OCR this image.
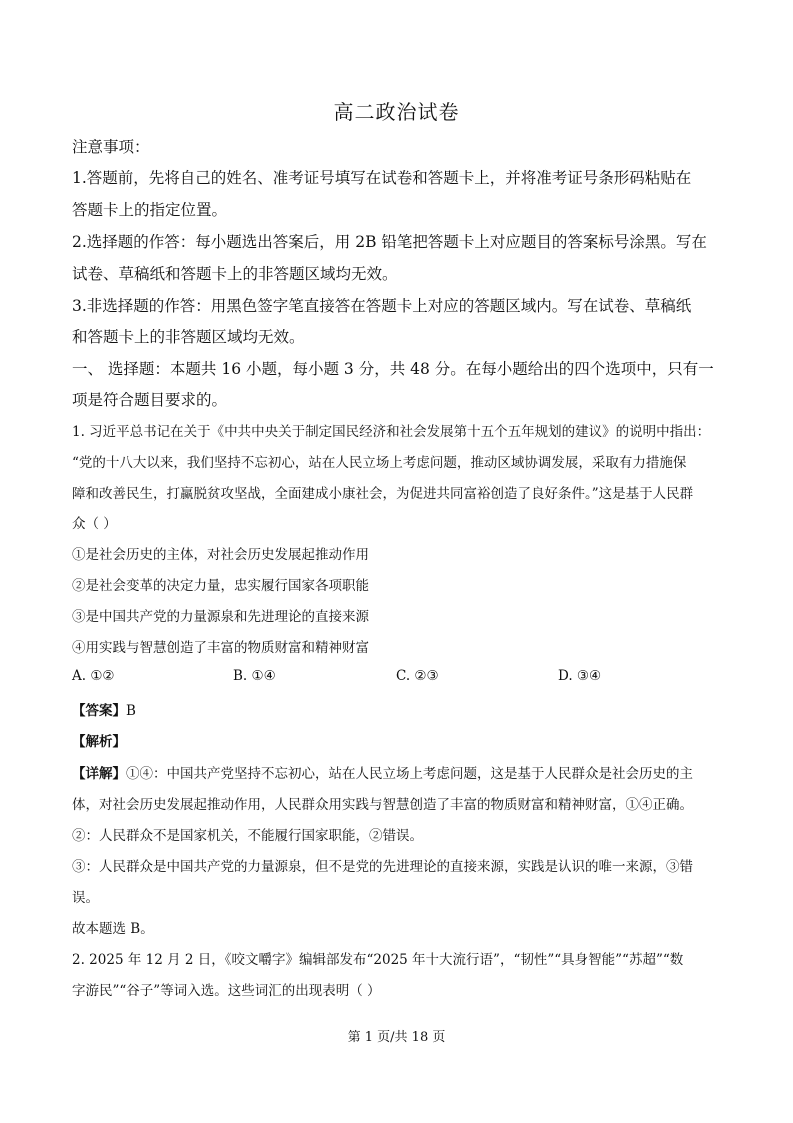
高二政治试卷
注意事项：
1.答题前，先将自己的姓名、准考证号填写在试卷和答题卡上，并将准考证号条形码粘贴在
答题卡上的指定位置。
2.选择题的作答：每小题选出答案后，用 2B 铅笔把答题卡上对应题目的答案标号涂黑。写在
试卷、草稿纸和答题卡上的非答题区域均无效。
3.非选择题的作答：用黑色签字笔直接答在答题卡上对应的答题区域内。写在试卷、草稿纸
和答题卡上的非答题区域均无效。
一、 选择题：本题共 16 小题，每小题 3 分，共 48 分。在每小题给出的四个选项中，只有一
项是符合题目要求的。
1. 习近平总书记在关于《中共中央关于制定国民经济和社会发展第十五个五年规划的建议》的说明中指出：
“党的十八大以来，我们坚持不忘初心，站在人民立场上考虑问题，推动区域协调发展，采取有力措施保
障和改善民生，打赢脱贫攻坚战，全面建成小康社会，为促进共同富裕创造了良好条件。”这是基于人民群
众（ ）
①是社会历史的主体，对社会历史发展起推动作用
②是社会变革的决定力量，忠实履行国家各项职能
③是中国共产党的力量源泉和先进理论的直接来源
④用实践与智慧创造了丰富的物质财富和精神财富
A. ①②	B. ①④	C. ②③	D. ③④
【答案】B
【解析】
【详解】①④：中国共产党坚持不忘初心，站在人民立场上考虑问题，这是基于人民群众是社会历史的主
体，对社会历史发展起推动作用，人民群众用实践与智慧创造了丰富的物质财富和精神财富，①④正确。
②：人民群众不是国家机关，不能履行国家职能，②错误。
③：人民群众是中国共产党的力量源泉，但不是党的先进理论的直接来源，实践是认识的唯一来源，③错
误。
故本题选 B。
2. 2025 年 12 月 2 日，《咬文嚼字》编辑部发布“2025 年十大流行语”，“韧性”“具身智能”“苏超”“数
字游民”“谷子”等词入选。这些词汇的出现表明（ ）
第 1 页/共 18 页
